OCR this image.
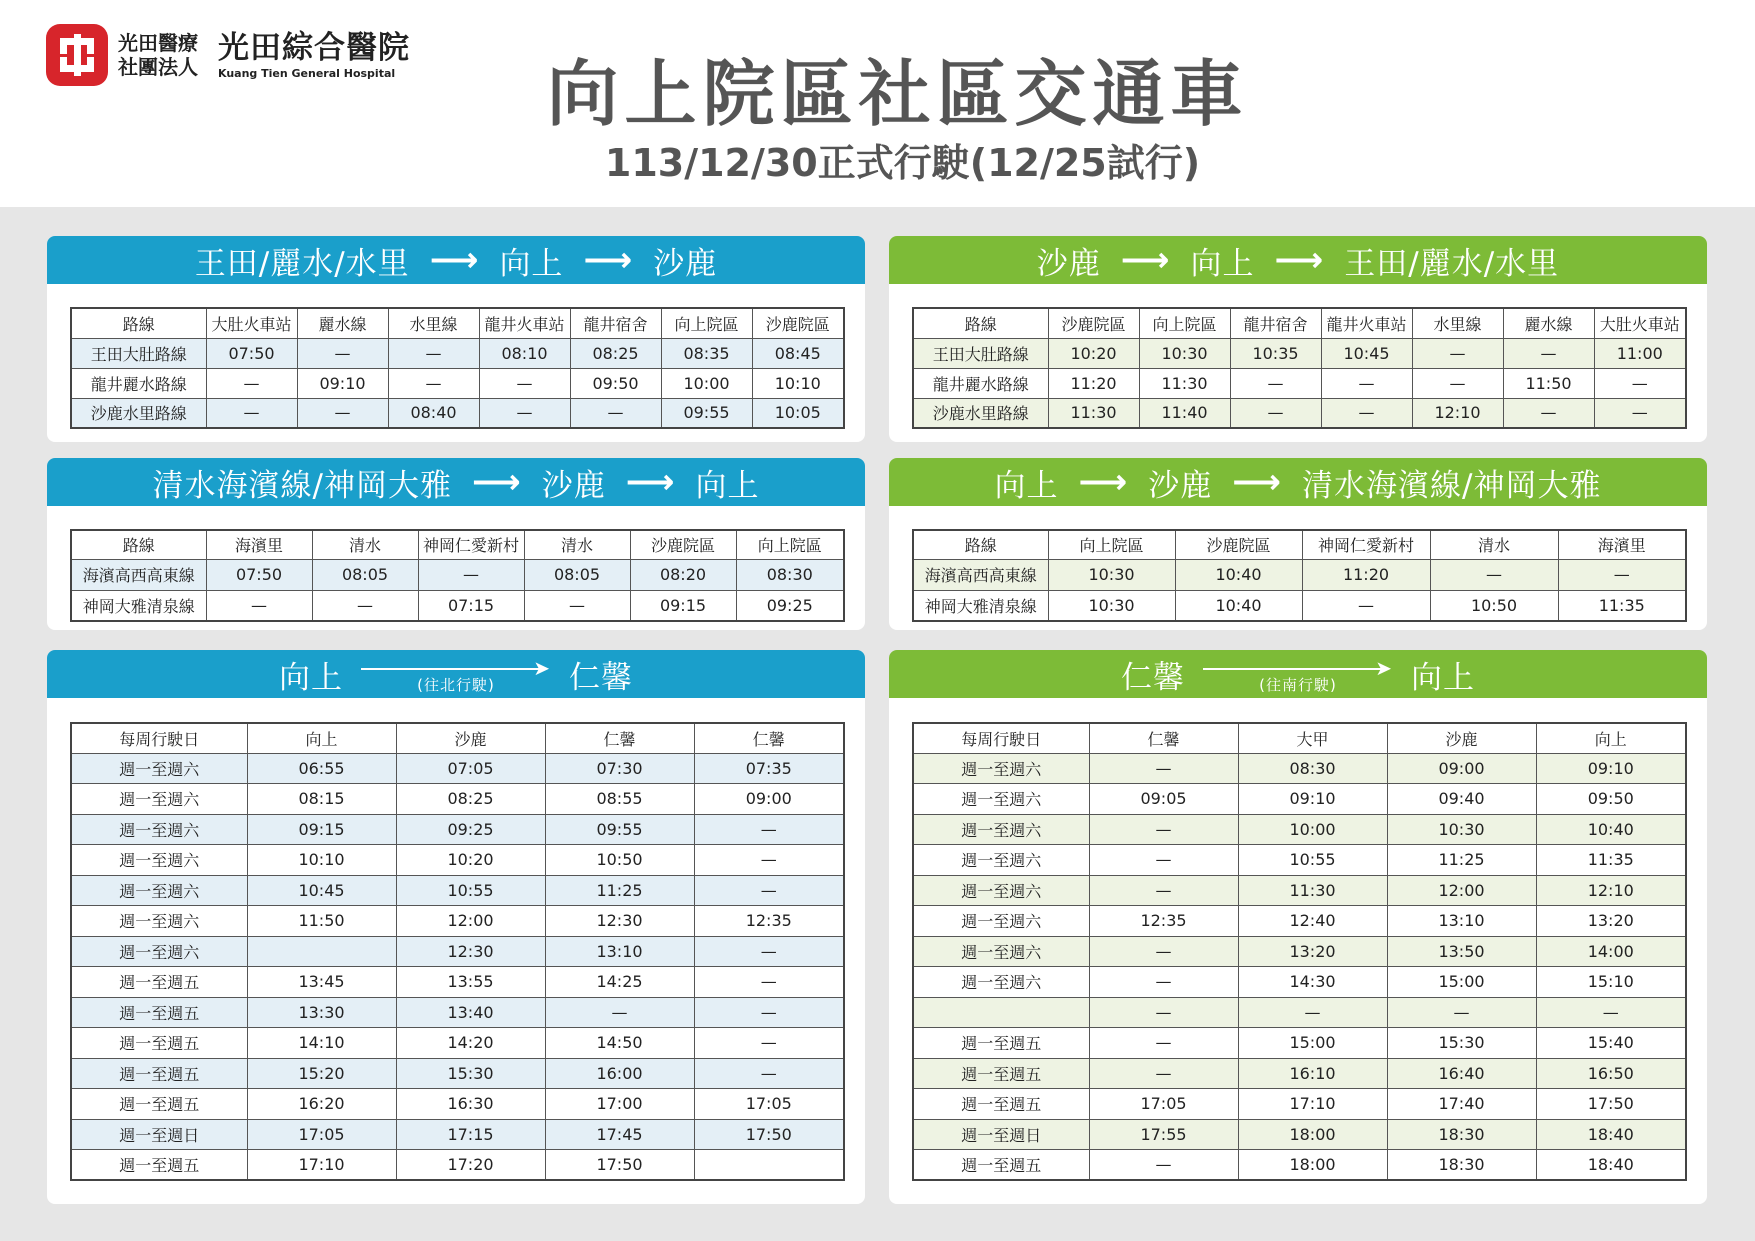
光田醫療
社團法人
光田綜合醫院
Kuang Tien General Hospital	向上院區社區交通車
113/12/30正式行駛(12/25試行)
王田/麗水/水里 ⟶ 向上 ⟶ 沙鹿
路線	大肚火車站	麗水線	水里線	龍井火車站	龍井宿舍	向上院區	沙鹿院區
王田大肚路線	07:50	—	—	08:10	08:25	08:35	08:45
龍井麗水路線	—	09:10	—	—	09:50	10:00	10:10
沙鹿水里路線	—	—	08:40	—	—	09:55	10:05
沙鹿 ⟶ 向上 ⟶ 王田/麗水/水里
路線	沙鹿院區	向上院區	龍井宿舍	龍井火車站	水里線	麗水線	大肚火車站
王田大肚路線	10:20	10:30	10:35	10:45	—	—	11:00
龍井麗水路線	11:20	11:30	—	—	—	11:50	—
沙鹿水里路線	11:30	11:40	—	—	12:10	—	—
清水海濱線/神岡大雅 ⟶ 沙鹿 ⟶ 向上
路線	海濱里	清水	神岡仁愛新村	清水	沙鹿院區	向上院區
海濱高西高東線	07:50	08:05	—	08:05	08:20	08:30
神岡大雅清泉線	—	—	07:15	—	09:15	09:25
向上 ⟶ 沙鹿 ⟶ 清水海濱線/神岡大雅
路線	向上院區	沙鹿院區	神岡仁愛新村	清水	海濱里
海濱高西高東線	10:30	10:40	11:20	—	—
神岡大雅清泉線	10:30	10:40	—	10:50	11:35
向上	➤
(往北行駛)	仁馨
每周行駛日	向上	沙鹿	仁馨	仁馨
週一至週六	06:55	07:05	07:30	07:35
週一至週六	08:15	08:25	08:55	09:00
週一至週六	09:15	09:25	09:55	—
週一至週六	10:10	10:20	10:50	—
週一至週六	10:45	10:55	11:25	—
週一至週六	11:50	12:00	12:30	12:35
週一至週六		12:30	13:10	—
週一至週五	13:45	13:55	14:25	—
週一至週五	13:30	13:40	—	—
週一至週五	14:10	14:20	14:50	—
週一至週五	15:20	15:30	16:00	—
週一至週五	16:20	16:30	17:00	17:05
週一至週日	17:05	17:15	17:45	17:50
週一至週五	17:10	17:20	17:50	
仁馨	➤
(往南行駛)	向上
每周行駛日	仁馨	大甲	沙鹿	向上
週一至週六	—	08:30	09:00	09:10
週一至週六	09:05	09:10	09:40	09:50
週一至週六	—	10:00	10:30	10:40
週一至週六	—	10:55	11:25	11:35
週一至週六	—	11:30	12:00	12:10
週一至週六	12:35	12:40	13:10	13:20
週一至週六	—	13:20	13:50	14:00
週一至週六	—	14:30	15:00	15:10
	—	—	—	—
週一至週五	—	15:00	15:30	15:40
週一至週五	—	16:10	16:40	16:50
週一至週五	17:05	17:10	17:40	17:50
週一至週日	17:55	18:00	18:30	18:40
週一至週五	—	18:00	18:30	18:40
